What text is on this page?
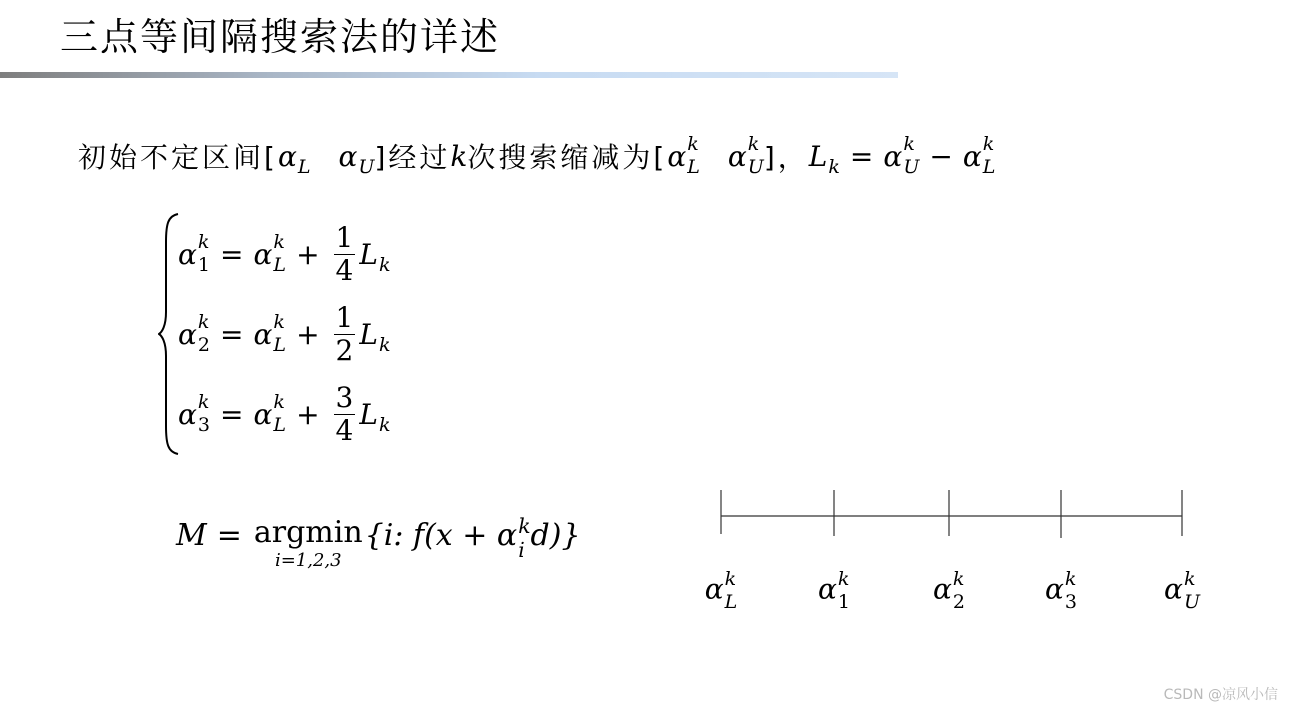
三点等间隔搜索法的详述
初始不定区间[ α
L α
U ]经过 k 次搜索缩减为[ α k
L α k
U ]， L
k = α k
U − α k
L
α k
1 = α k
$L + \frac{1}{4}$ L
k
α k
2 = α k
$L + \frac{1}{2}$ L
k
α k
3 = α k
$L + \frac{3}{4}$ L
k
M = argmin
i=1,2,3
{i: f (x + α k
i d)}
α k
L	α k
1	α k
2	α k
3	α k
U
CSDN @凉风小信
